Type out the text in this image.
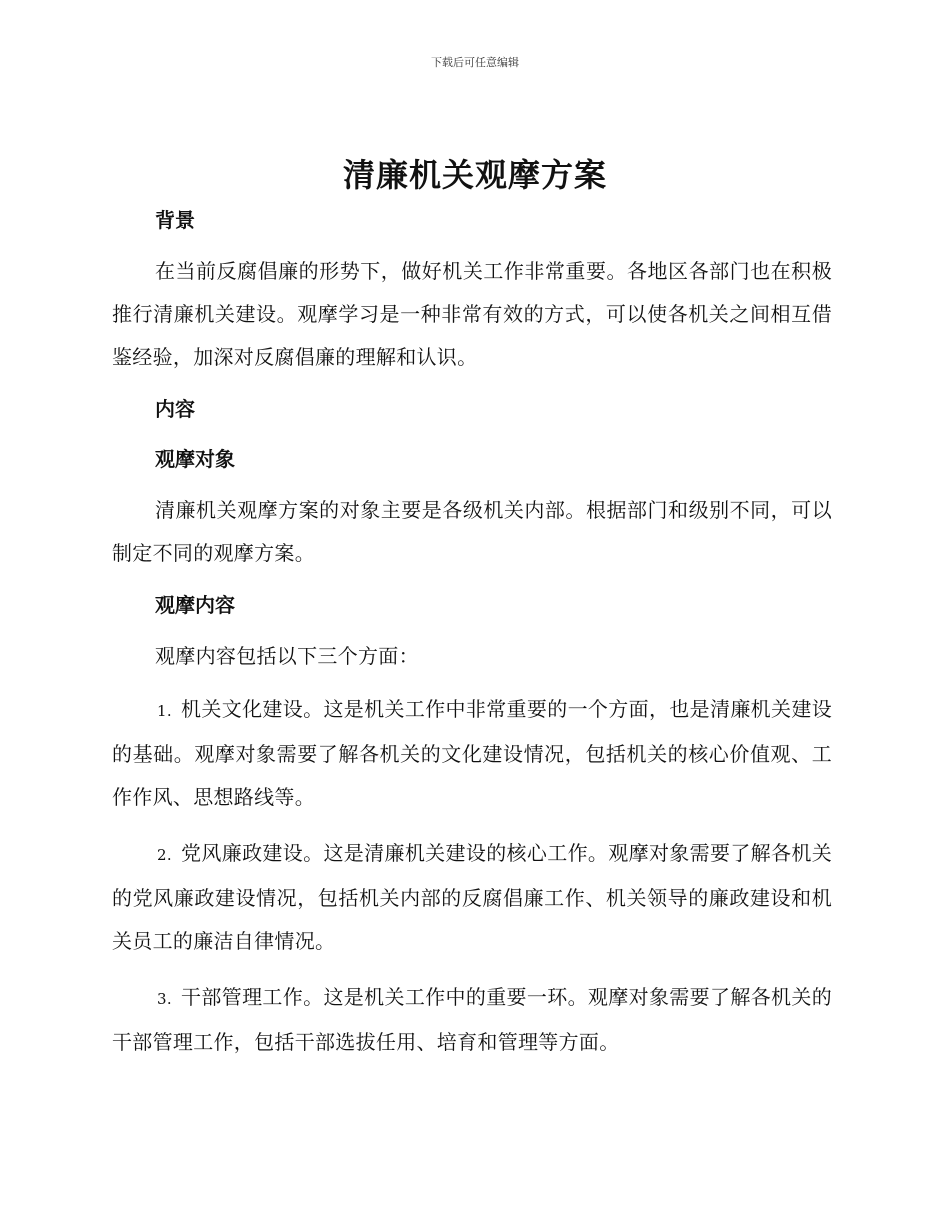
下载后可任意编辑
清廉机关观摩方案
背景

在当前反腐倡廉的形势下，做好机关工作非常重要。各地区各部门也在积极推行清廉机关建设。观摩学习是一种非常有效的方式，可以使各机关之间相互借鉴经验，加深对反腐倡廉的理解和认识。

内容
观摩对象

清廉机关观摩方案的对象主要是各级机关内部。根据部门和级别不同，可以制定不同的观摩方案。

观摩内容

观摩内容包括以下三个方面：

1. 机关文化建设。这是机关工作中非常重要的一个方面，也是清廉机关建设的基础。观摩对象需要了解各机关的文化建设情况，包括机关的核心价值观、工作作风、思想路线等。

2. 党风廉政建设。这是清廉机关建设的核心工作。观摩对象需要了解各机关的党风廉政建设情况，包括机关内部的反腐倡廉工作、机关领导的廉政建设和机关员工的廉洁自律情况。

3. 干部管理工作。这是机关工作中的重要一环。观摩对象需要了解各机关的干部管理工作，包括干部选拔任用、培育和管理等方面。
